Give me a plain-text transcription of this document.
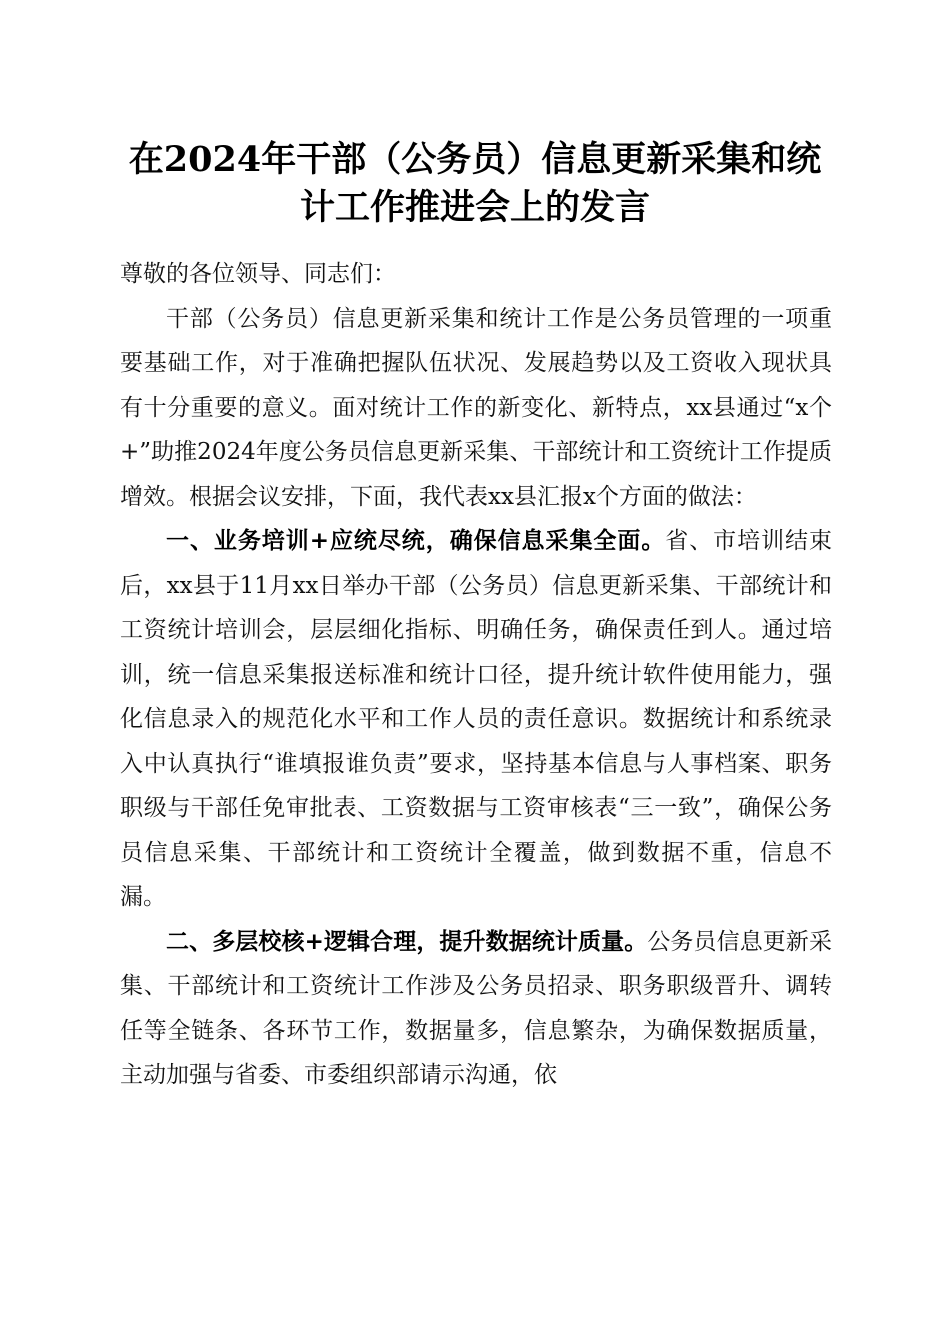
在2024年干部（公务员）信息更新采集和统
计工作推进会上的发言

尊敬的各位领导、同志们：

干部（公务员）信息更新采集和统计工作是公务员管理的一项重要基础工作，对于准确把握队伍状况、发展趋势以及工资收入现状具有十分重要的意义。面对统计工作的新变化、新特点，xx县通过“x个+”助推2024年度公务员信息更新采集、干部统计和工资统计工作提质增效。根据会议安排，下面，我代表xx县汇报x个方面的做法：

一、业务培训+应统尽统，确保信息采集全面。省、市培训结束后，xx县于11月xx日举办干部（公务员）信息更新采集、干部统计和工资统计培训会，层层细化指标、明确任务，确保责任到人。通过培训，统一信息采集报送标准和统计口径，提升统计软件使用能力，强化信息录入的规范化水平和工作人员的责任意识。数据统计和系统录入中认真执行“谁填报谁负责”要求，坚持基本信息与人事档案、职务职级与干部任免审批表、工资数据与工资审核表“三一致”，确保公务员信息采集、干部统计和工资统计全覆盖，做到数据不重，信息不漏。

二、多层校核+逻辑合理，提升数据统计质量。公务员信息更新采集、干部统计和工资统计工作涉及公务员招录、职务职级晋升、调转任等全链条、各环节工作，数据量多，信息繁杂，为确保数据质量，主动加强与省委、市委组织部请示沟通，依
